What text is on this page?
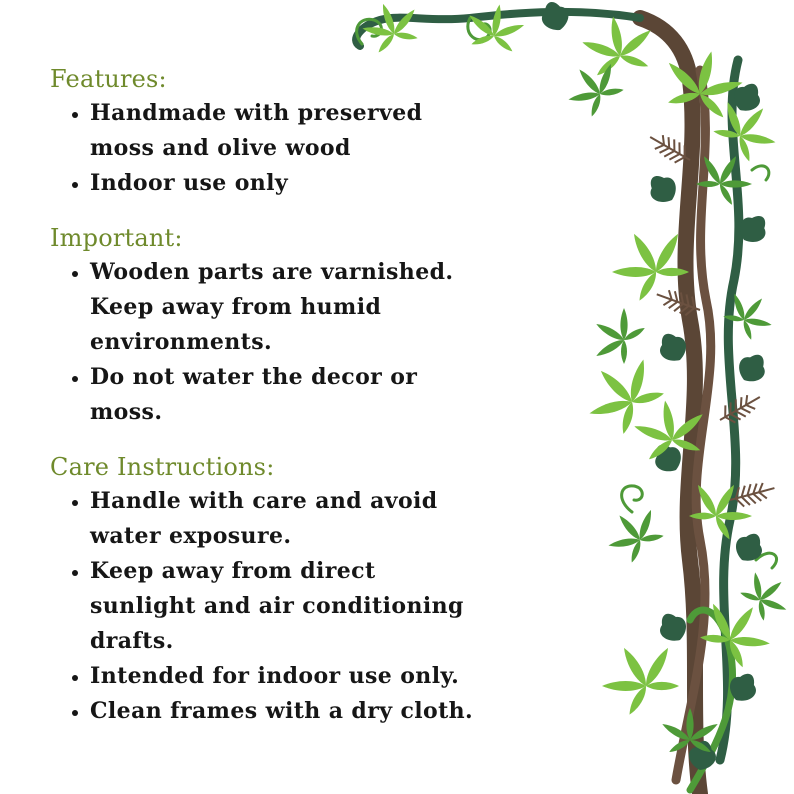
Features:
Handmade with preserved
moss and olive wood
Indoor use only
Important:
Wooden parts are varnished.
Keep away from humid
environments.
Do not water the decor or
moss.
Care Instructions:
Handle with care and avoid
water exposure.
Keep away from direct
sunlight and air conditioning
drafts.
Intended for indoor use only.
Clean frames with a dry cloth.
